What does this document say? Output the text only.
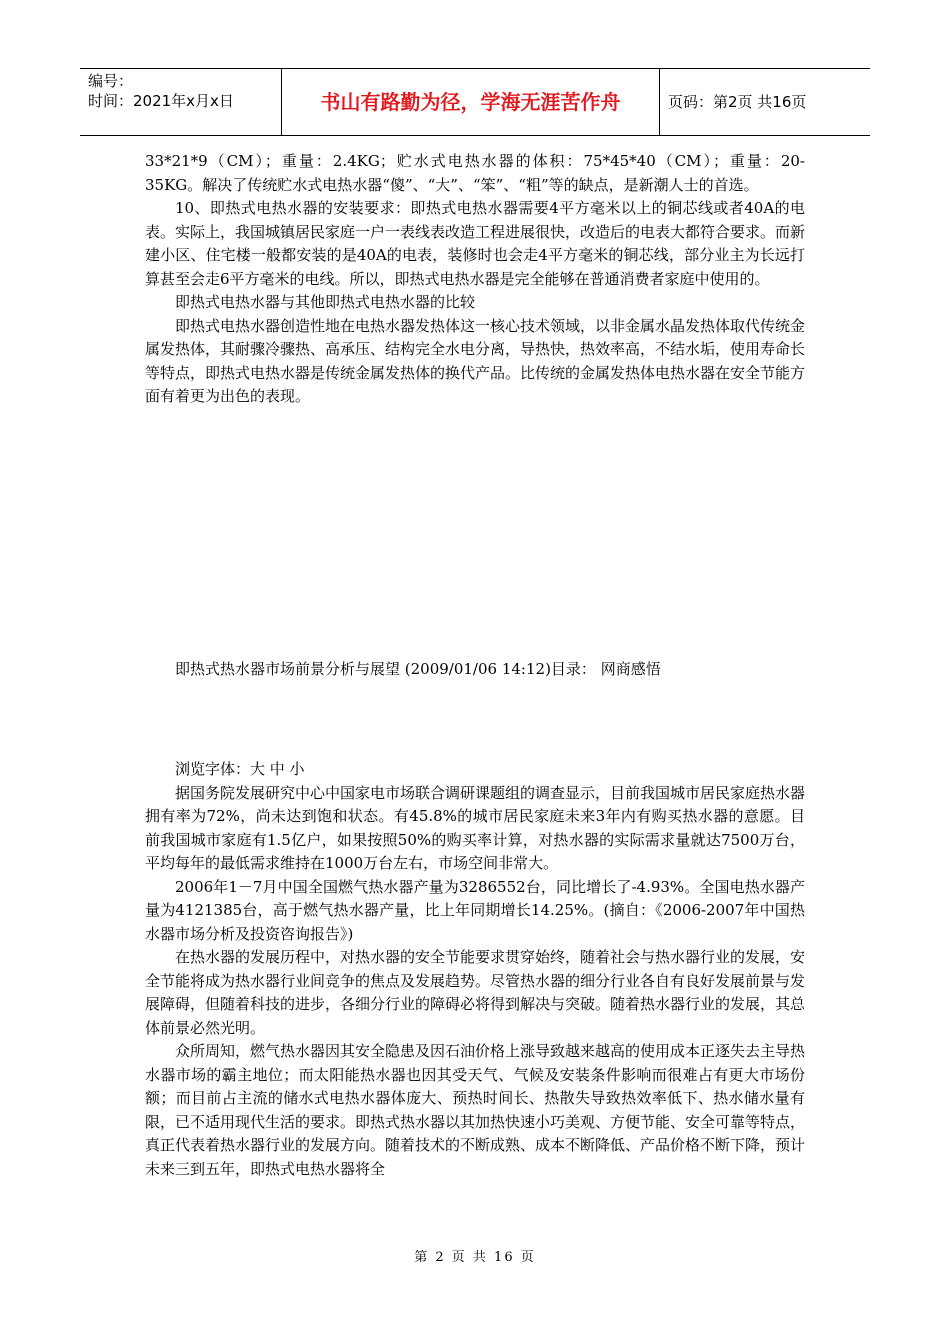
编号：
时间：2021年x月x日	书山有路勤为径，学海无涯苦作舟	页码：第2页 共16页

33*21*9（CM）；重量：2.4KG；贮水式电热水器的体积：75*45*40（CM）；重量：20-35KG。解决了传统贮水式电热水器“傻”、“大”、“笨”、“粗”等的缺点，是新潮人士的首选。

10、即热式电热水器的安装要求：即热式电热水器需要4平方毫米以上的铜芯线或者40A的电表。实际上，我国城镇居民家庭一户一表线表改造工程进展很快，改造后的电表大都符合要求。而新建小区、住宅楼一般都安装的是40A的电表，装修时也会走4平方毫米的铜芯线，部分业主为长远打算甚至会走6平方毫米的电线。所以，即热式电热水器是完全能够在普通消费者家庭中使用的。

即热式电热水器与其他即热式电热水器的比较

即热式电热水器创造性地在电热水器发热体这一核心技术领域，以非金属水晶发热体取代传统金属发热体，其耐骤冷骤热、高承压、结构完全水电分离，导热快，热效率高，不结水垢，使用寿命长等特点，即热式电热水器是传统金属发热体的换代产品。比传统的金属发热体电热水器在安全节能方面有着更为出色的表现。

即热式热水器市场前景分析与展望 (2009/01/06 14:12)目录： 网商感悟

浏览字体：大 中 小

据国务院发展研究中心中国家电市场联合调研课题组的调查显示，目前我国城市居民家庭热水器拥有率为72%，尚未达到饱和状态。有45.8%的城市居民家庭未来3年内有购买热水器的意愿。目前我国城市家庭有1.5亿户，如果按照50%的购买率计算，对热水器的实际需求量就达7500万台，平均每年的最低需求维持在1000万台左右，市场空间非常大。

2006年1－7月中国全国燃气热水器产量为3286552台，同比增长了-4.93%。全国电热水器产量为4121385台，高于燃气热水器产量，比上年同期增长14.25%。(摘自：《2006-2007年中国热水器市场分析及投资咨询报告》)

在热水器的发展历程中，对热水器的安全节能要求贯穿始终，随着社会与热水器行业的发展，安全节能将成为热水器行业间竞争的焦点及发展趋势。尽管热水器的细分行业各自有良好发展前景与发展障碍，但随着科技的进步，各细分行业的障碍必将得到解决与突破。随着热水器行业的发展，其总体前景必然光明。

众所周知，燃气热水器因其安全隐患及因石油价格上涨导致越来越高的使用成本正逐失去主导热水器市场的霸主地位；而太阳能热水器也因其受天气、气候及安装条件影响而很难占有更大市场份额；而目前占主流的储水式电热水器体庞大、预热时间长、热散失导致热效率低下、热水储水量有限，已不适用现代生活的要求。即热式热水器以其加热快速小巧美观、方便节能、安全可靠等特点，真正代表着热水器行业的发展方向。随着技术的不断成熟、成本不断降低、产品价格不断下降，预计未来三到五年，即热式电热水器将全

第 2 页 共 16 页
